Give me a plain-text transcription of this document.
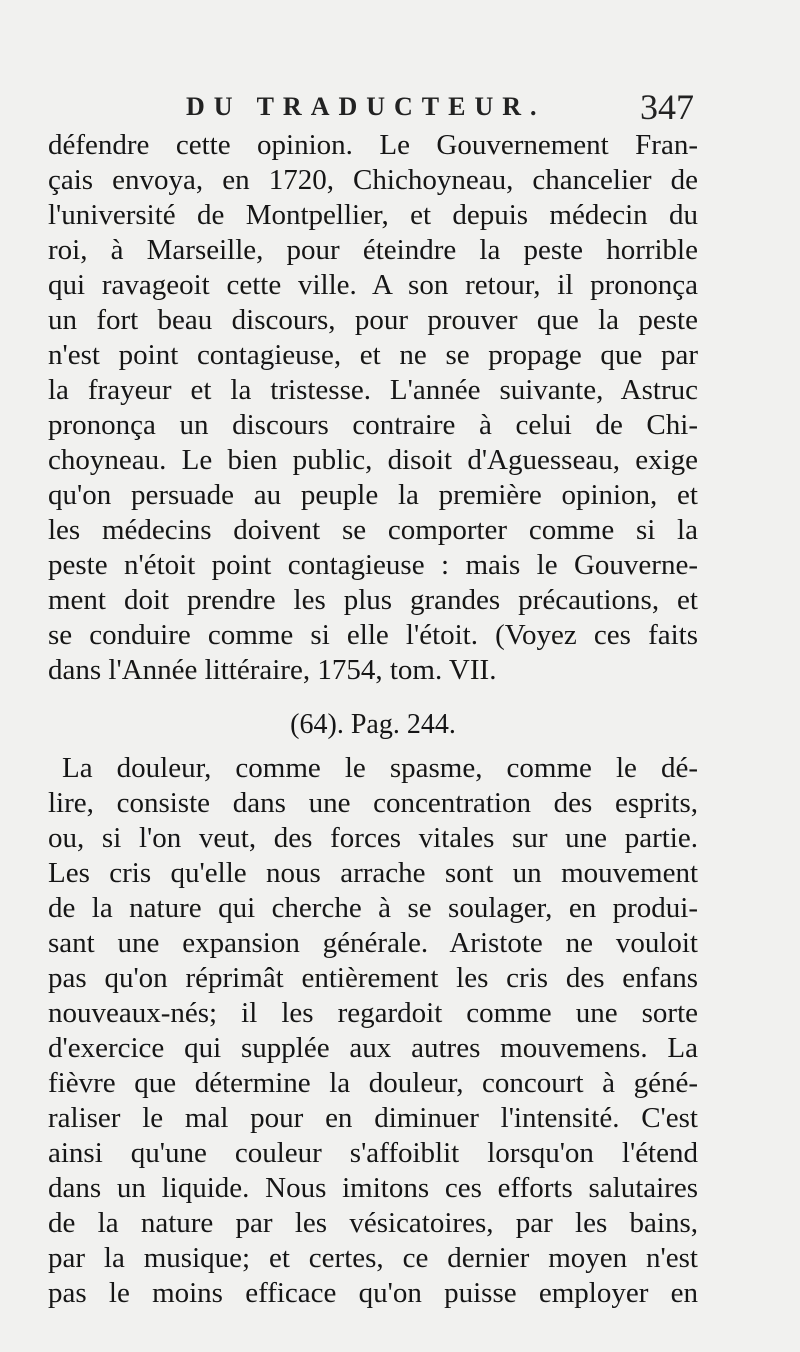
DU TRADUCTEUR.	347
défendre cette opinion. Le Gouvernement Fran-
çais envoya, en 1720, Chichoyneau, chancelier de
l'université de Montpellier, et depuis médecin du
roi, à Marseille, pour éteindre la peste horrible
qui ravageoit cette ville. A son retour, il prononça
un fort beau discours, pour prouver que la peste
n'est point contagieuse, et ne se propage que par
la frayeur et la tristesse. L'année suivante, Astruc
prononça un discours contraire à celui de Chi-
choyneau. Le bien public, disoit d'Aguesseau, exige
qu'on persuade au peuple la première opinion, et
les médecins doivent se comporter comme si la
peste n'étoit point contagieuse : mais le Gouverne-
ment doit prendre les plus grandes précautions, et
se conduire comme si elle l'étoit. (Voyez ces faits
dans l'Année littéraire, 1754, tom. VII.
(64). Pag. 244.
La douleur, comme le spasme, comme le dé-
lire, consiste dans une concentration des esprits,
ou, si l'on veut, des forces vitales sur une partie.
Les cris qu'elle nous arrache sont un mouvement
de la nature qui cherche à se soulager, en produi-
sant une expansion générale. Aristote ne vouloit
pas qu'on réprimât entièrement les cris des enfans
nouveaux-nés; il les regardoit comme une sorte
d'exercice qui supplée aux autres mouvemens. La
fièvre que détermine la douleur, concourt à géné-
raliser le mal pour en diminuer l'intensité. C'est
ainsi qu'une couleur s'affoiblit lorsqu'on l'étend
dans un liquide. Nous imitons ces efforts salutaires
de la nature par les vésicatoires, par les bains,
par la musique; et certes, ce dernier moyen n'est
pas le moins efficace qu'on puisse employer en
